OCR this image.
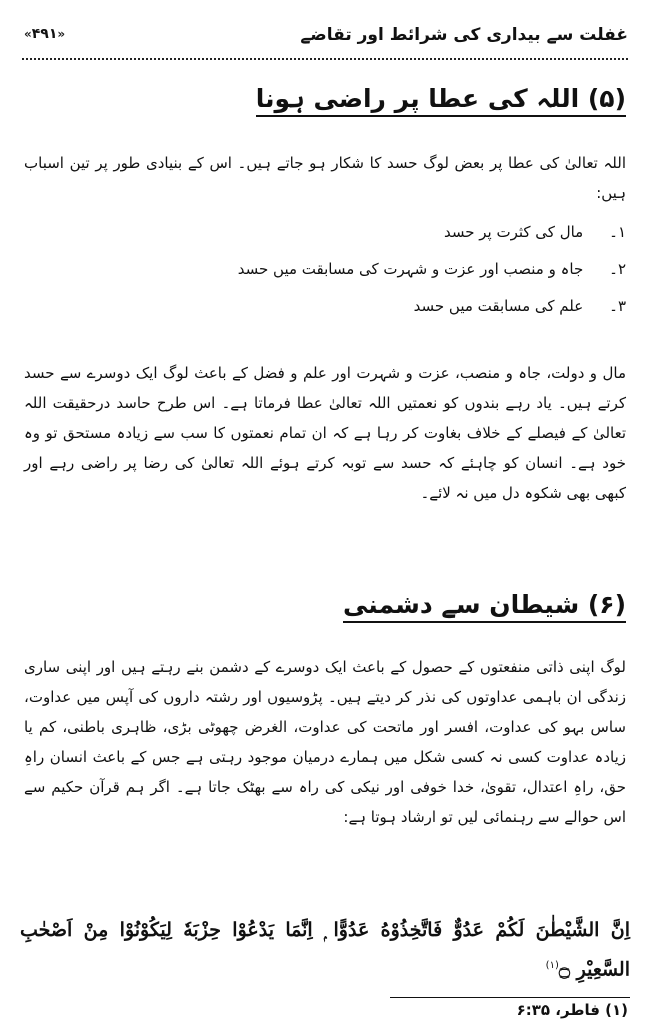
غفلت سے بیداری کی شرائط اور تقاضے
«۴۹۱»
(۵) اللہ کی عطا پر راضی ہونا
اللہ تعالیٰ کی عطا پر بعض لوگ حسد کا شکار ہو جاتے ہیں۔ اس کے بنیادی طور پر تین اسباب ہیں:
۱۔ مال کی کثرت پر حسد
۲۔ جاہ و منصب اور عزت و شہرت کی مسابقت میں حسد
۳۔ علم کی مسابقت میں حسد
مال و دولت، جاہ و منصب، عزت و شہرت اور علم و فضل کے باعث لوگ ایک دوسرے سے حسد کرتے ہیں۔ یاد رہے بندوں کو نعمتیں اللہ تعالیٰ عطا فرماتا ہے۔ اس طرح حاسد درحقیقت اللہ تعالیٰ کے فیصلے کے خلاف بغاوت کر رہا ہے کہ ان تمام نعمتوں کا سب سے زیادہ مستحق تو وہ خود ہے۔ انسان کو چاہئے کہ حسد سے توبہ کرتے ہوئے اللہ تعالیٰ کی رضا پر راضی رہے اور کبھی بھی شکوہ دل میں نہ لائے۔
(۶) شیطان سے دشمنی
لوگ اپنی ذاتی منفعتوں کے حصول کے باعث ایک دوسرے کے دشمن بنے رہتے ہیں اور اپنی ساری زندگی ان باہمی عداوتوں کی نذر کر دیتے ہیں۔ پڑوسیوں اور رشتہ داروں کی آپس میں عداوت، ساس بہو کی عداوت، افسر اور ماتحت کی عداوت، الغرض چھوٹی بڑی، ظاہری باطنی، کم یا زیادہ عداوت کسی نہ کسی شکل میں ہمارے درمیان موجود رہتی ہے جس کے باعث انسان راہِ حق، راہِ اعتدال، تقویٰ، خدا خوفی اور نیکی کی راہ سے بھٹک جاتا ہے۔ اگر ہم قرآن حکیم سے اس حوالے سے رہنمائی لیں تو ارشاد ہوتا ہے:
اِنَّ الشَّيْطٰنَ لَكُمْ عَدُوٌّ فَاتَّخِذُوْهُ عَدُوًّا ۭ اِنَّمَا يَدْعُوْا حِزْبَهٗ لِيَكُوْنُوْا مِنْ اَصْحٰبِ السَّعِيْرِ ۝$^{(۱)}$
(۱) فاطر، ۶:۳۵
